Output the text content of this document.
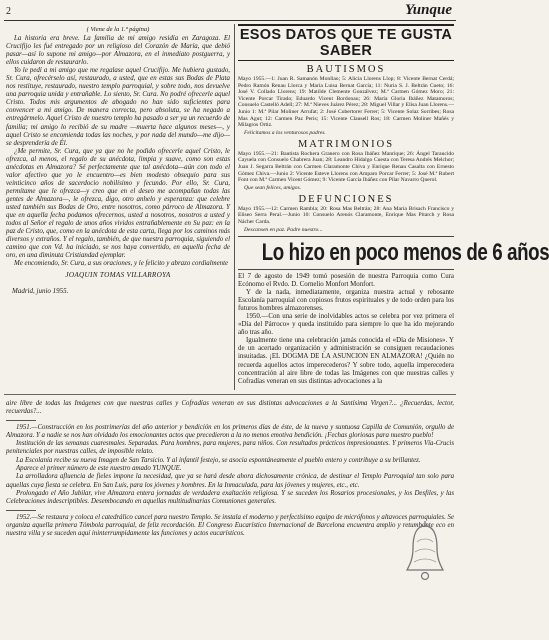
2	Yunque
( Viene de la 1.ª página)

La historia era breve. La familia de mi amigo residía en Zaragoza. El Crucifijo les fué entregado por un religioso del Corazón de María, que debió pasar—así lo supone mi amigo—por Almazora, en el inmediato postguerra, y ellos cuidaron de restaurarlo.

Yo le pedí a mi amigo que me regalase aquel Crucifijo. Me hubiera gustado, Sr. Cura, ofrecérselo así, restaurado, a usted, que en estas sus Bodas de Plata nos restituye, restaurado, nuestro templo parroquial, y sobre todo, nos devuelve una parroquia unida y entrañable. Lo siento, Sr. Cura. No podré ofrecerle aquel Cristo. Todos mis argumentos de abogado no han sido suficientes para convencer a mi amigo. De manera correcta, pero absoluta, se ha negado a entregármelo. Aquel Cristo de nuestro templo ha pasado a ser ya un recuerdo de familia; mi amigo lo recibió de su madre —muerta hace algunos meses—, y aquel Cristo se encomienda todas las noches, y por nada del mundo—me dijo—se desprendería de Él.

¿Me permite, Sr. Cura, que ya que no he podido ofrecerle aquel Cristo, le ofrezca, al menos, el regalo de su anécdota, limpia y suave, como son estas anécdotas en Almazora? Sé perfectamente que tal anécdota—aún con todo el valor afectivo que yo le encuentro—es bien modesto obsequio para sus veinticinco años de sacerdocio nobilísimo y fecundo. Por ello, Sr. Cura, permítame que le ofrezca—y creo que en el deseo me acompañan todas las gentes de Almazora—, le ofrezca, digo, otro anhelo y esperanza: que celebre usted también sus Bodas de Oro, entre nosotros, como párroco de Almazora. Y que en aquella fecha podamos ofrecernos, usted a nosotros, nosotros a usted y todos al Señor el regalo de unos años vividos entrañablemente en Su paz: en la paz de Cristo, que, como en la anécdota de esta carta, llega por los caminos más diversos y extraños. Y el regalo, también, de que nuestra parroquia, siguiendo el camino que con Vd. ha iniciado, se nos haya convertido, en aquella fecha de oro, en una diminuta Cristiandad ejemplar.

Me encomiendo, Sr. Cura, a sus oraciones, y le felicito y abrazo cordialmente

JOAQUIN TOMAS VILLARROYA
Madrid, junio 1955.
ESOS DATOS QUE TE GUSTA SABER
BAUTISMOS

Mayo 1955.—1: Juan R. Samanón Monllao; 5: Alicia Llorens Llop; 8: Vicente Bernat Cerdá; Pedro Ramón Renau Llorca y María Luisa Bernat García; 11: Nuria S. J. Beltrán Cueto; 16: José V. Collado Llorens; 19: Matilde Clemente Gonzálvez; M.ª Carmen Gómez Moro; 21: Vicente Porcar Tirado; Eduardo Vicent Bordonau; 26: María Gloria Ibáñez Matamoros; Consuelo Castelló Adell; 27: M.ª Nieves Juárez Pérez; 28: Miguel Villar y Elisa Juan Llorens.—Junio 1: M.ª Pilar Moliner Arrufat; 2: José Cubertorer Ferrer; 5: Vicente Solaz Sorribes; Rosa Mas Agut; 12: Carmen Paz Peris; 15: Vicente Clausell Ros; 18: Carmen Moliner Mañés y Milagros Ortiz.

Felicitamos a los venturosos padres.
MATRIMONIOS

Mayo 1955.—21: Bautista Rochera Granero con Rosa Ibáñez Manrique; 26: Ángel Taraucido Cayuela con Consuelo Chabrera Juan; 28: Leandro Hidalgo Cuesta con Teresa Andrés Melchor; Juan J. Segarra Beltrán con Carmen Claramonte Chiva y Enrique Renau Casalta con Ernesto Gómez Chiva.—Junio 2: Vicente Esteve Llorens con Amparo Porcar Ferrer; 5: José M.ª Rubert Font con M.ª Carmen Vicent Gómez; 9: Vicente García Ibáñez con Pilar Navarro Querol.

Que sean felices, amigos.
DEFUNCIONES

Mayo 1955.—12: Carmen Rambla; 20: Rosa Mas Beltrán; 28: Ana María Brisach Francisco y Eliseo Serra Peral.—Junio 10: Consuelo Arenós Claramonte, Enrique Mas Pitarch y Rosa Nácher Carda.

Descansen en paz. Padre nuestro...
Lo hizo en poco menos de 6 años

El 7 de agosto de 1949 tomó posesión de nuestra Parroquia como Cura Ecónomo el Rvdo. D. Cornelio Monfort Monfort.

Y de la nada, inmediatamente, organiza nuestra actual y rebosante Escolanía parroquial con copiosos frutos espirituales y de todo orden para los futuros hombres almazorenses.

1950.—Con una serie de inolvidables actos se celebra por vez primera el «Día del Párroco» y queda instituído para siempre lo que ha ido mejorando año tras año.

Igualmente tiene una celebración jamás conocida el «Día de Misiones». Y de un acertado organización y administración se consiguen recaudaciones insuitadas. ¡EL DOGMA DE LA ASUNCION EN ALMAZORA! ¿Quién no recuerda aquellos actos imperecederos? Y sobre todo, aquella imperecedera concentración al aire libre de todas las Imágenes con que nuestras calles y Cofradías veneran en sus distintas advocaciones a la

aire libre de todas las Imágenes con que nuestras calles y Cofradías veneran en sus distintas advocaciones a la Santísima Virgen?... ¿Recuerdas, lector, recuerdas?...

1951.—Construcción en los postrimerías del año anterior y bendición en los primeros días de éste, de la nueva y suntuosa Capilla de Comunión, orgullo de Almazora. Y a nadie se nos han olvidado los emocionantes actos que precedieron a la no menos emotiva bendición. ¡Fechas gloriosas para nuestro pueblo!

Institución de las semanas cuaresmales. Separadas. Para hombres, para mujeres, para niños. Con resultados prácticos impresionantes. Y primeros Vía-Crucis penitenciales por nuestras calles, de imposible relato.

La Escolanía recibe su nueva Imagen de San Tarsicio. Y al infantil festejo, se asocia espontáneamente el pueblo entero y contribuye a su brillantez.

Aparece el primer número de este nuestro amado YUNQUE.

La arrolladora afluencia de fieles impone la necesidad, que ya se hará desde ahora dichosamente crónica, de destinar el Templo Parroquial tan solo para aquellas cuya fiesta se celebra. En San Luis, para los jóvenes y hombres. En la Inmaculada, para las jóvenes y mujeres, etc., etc.

Prolongado el Año Jubilar, vive Almazora entera jornadas de verdadera exaltación religiosa. Y se suceden los Rosarios procesionales, y los Desfiles, y las Celebraciones indescriptibles. Desembocando en aquellas multitudinarias Comuniones generales.

1952.—Se restaura y coloca el catedrálico cancel para nuestro Templo. Se instala el moderno y perfectísimo equipo de micrófonos y altavoces parroquiales. Se organiza aquella primera Tómbola parroquial, de feliz recordación. El Congreso Eucarístico Internacional de Barcelona encuentra amplio y retumbante eco en nuestra villa y se suceden aquí ininterrumpidamente las funciones y actos eucarísticos.
